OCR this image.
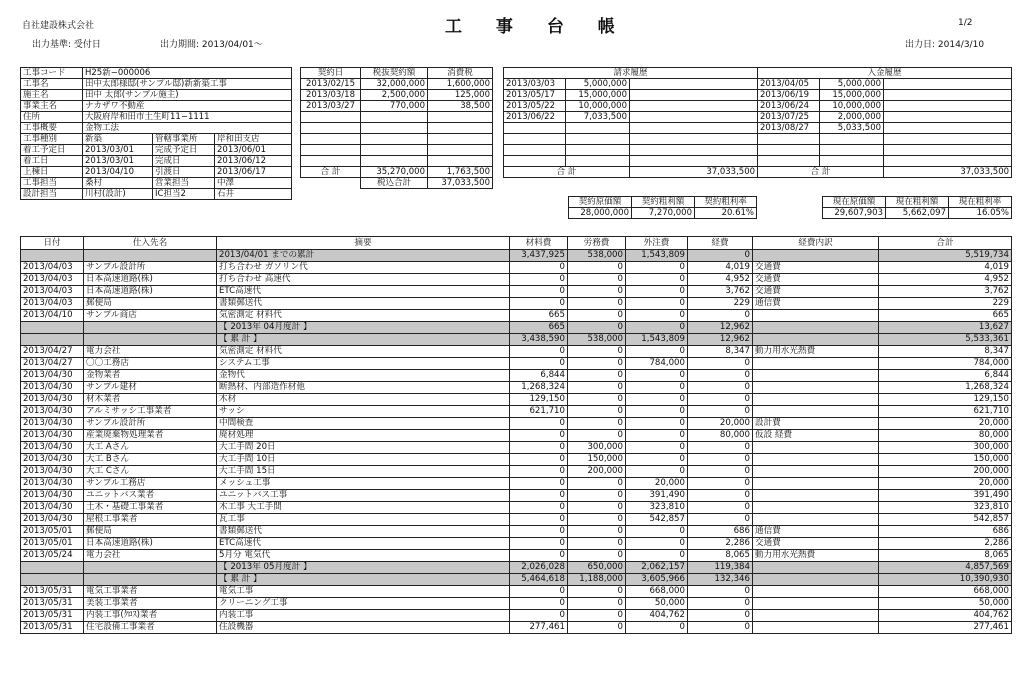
自社建設株式会社
出力基準: 受付日	出力期間: 2013/04/01〜
工 事 台 帳	1/2
出力日: 2014/3/10
工事コード	H25新−000006		
工事名	田中太郎様邸(サンプル邸)新新築工事		
施主名	田中 太郎(サンプル施主)		
事業主名	ナカザワ不動産		
住所	大阪府岸和田市土生町11−1111		
工事概要	金物工法		
工事種別	新築	管轄事業所	岸和田支店
着工予定日	2013/03/01	完成予定日	2013/06/01
着工日	2013/03/01	完成日	2013/06/12
上棟日	2013/04/10	引渡日	2013/06/17
工事担当	桑村	営業担当	中澤
設計担当	川村(設計)	IC担当2	石井
契約日	税抜契約額	消費税
2013/02/15	32,000,000	1,600,000
2013/03/18	2,500,000	125,000
2013/03/27	770,000	38,500

合 計	35,270,000	1,763,500
	税込合計	37,033,500
請求履歴			入金履歴		
2013/03/03	5,000,000		2013/04/05	5,000,000	
2013/05/17	15,000,000		2013/06/19	15,000,000	
2013/05/22	10,000,000		2013/06/24	10,000,000	
2013/06/22	7,033,500		2013/07/25	2,000,000	
			2013/08/27	5,033,500	

合 計		37,033,500	合 計		37,033,500
契約原価額	契約粗利額	契約粗利率
28,000,000	7,270,000	20.61%
現在原価額	現在粗利額	現在粗利率
29,607,903	5,662,097	16.05%
日付	仕入先名	摘要	材料費	労務費	外注費	経費	経費内訳	合計
		2013/04/01 までの累計	3,437,925	538,000	1,543,809	0		5,519,734
2013/04/03	サンプル設計所	打ち合わせ ガソリン代	0	0	0	4,019	交通費	4,019
2013/04/03	日本高速道路(株)	打ち合わせ 高速代	0	0	0	4,952	交通費	4,952
2013/04/03	日本高速道路(株)	ETC高速代	0	0	0	3,762	交通費	3,762
2013/04/03	郵便局	書類郵送代	0	0	0	229	通信費	229
2013/04/10	サンプル商店	気密測定 材料代	665	0	0	0		665
		【 2013年 04月度計 】	665	0	0	12,962		13,627
		【 累 計 】	3,438,590	538,000	1,543,809	12,962		5,533,361
2013/04/27	電力会社	気密測定 材料代	0	0	0	8,347	動力用水光熱費	8,347
2013/04/27	〇〇工務店	システム工事	0	0	784,000	0		784,000
2013/04/30	金物業者	金物代	6,844	0	0	0		6,844
2013/04/30	サンプル建材	断熱材、内部造作材他	1,268,324	0	0	0		1,268,324
2013/04/30	材木業者	木材	129,150	0	0	0		129,150
2013/04/30	アルミサッシ工事業者	サッシ	621,710	0	0	0		621,710
2013/04/30	サンプル設計所	中間検査	0	0	0	20,000	設計費	20,000
2013/04/30	産業廃棄物処理業者	廃材処理	0	0	0	80,000	仮設 経費	80,000
2013/04/30	大工 Aさん	大工手間 20日	0	300,000	0	0		300,000
2013/04/30	大工 Bさん	大工手間 10日	0	150,000	0	0		150,000
2013/04/30	大工 Cさん	大工手間 15日	0	200,000	0	0		200,000
2013/04/30	サンプル工務店	メッシュ工事	0	0	20,000	0		20,000
2013/04/30	ユニットバス業者	ユニットバス工事	0	0	391,490	0		391,490
2013/04/30	土木・基礎工事業者	木工事 大工手間	0	0	323,810	0		323,810
2013/04/30	屋根工事業者	瓦工事	0	0	542,857	0		542,857
2013/05/01	郵便局	書類郵送代	0	0	0	686	通信費	686
2013/05/01	日本高速道路(株)	ETC高速代	0	0	0	2,286	交通費	2,286
2013/05/24	電力会社	5月分 電気代	0	0	0	8,065	動力用水光熱費	8,065
		【 2013年 05月度計 】	2,026,028	650,000	2,062,157	119,384		4,857,569
		【 累 計 】	5,464,618	1,188,000	3,605,966	132,346		10,390,930
2013/05/31	電気工事業者	電気工事	0	0	668,000	0		668,000
2013/05/31	美装工事業者	クリーニング工事	0	0	50,000	0		50,000
2013/05/31	内装工事(ｸﾛｽ)業者	内装工事	0	0	404,762	0		404,762
2013/05/31	住宅設備工事業者	住設機器	277,461	0	0	0		277,461
